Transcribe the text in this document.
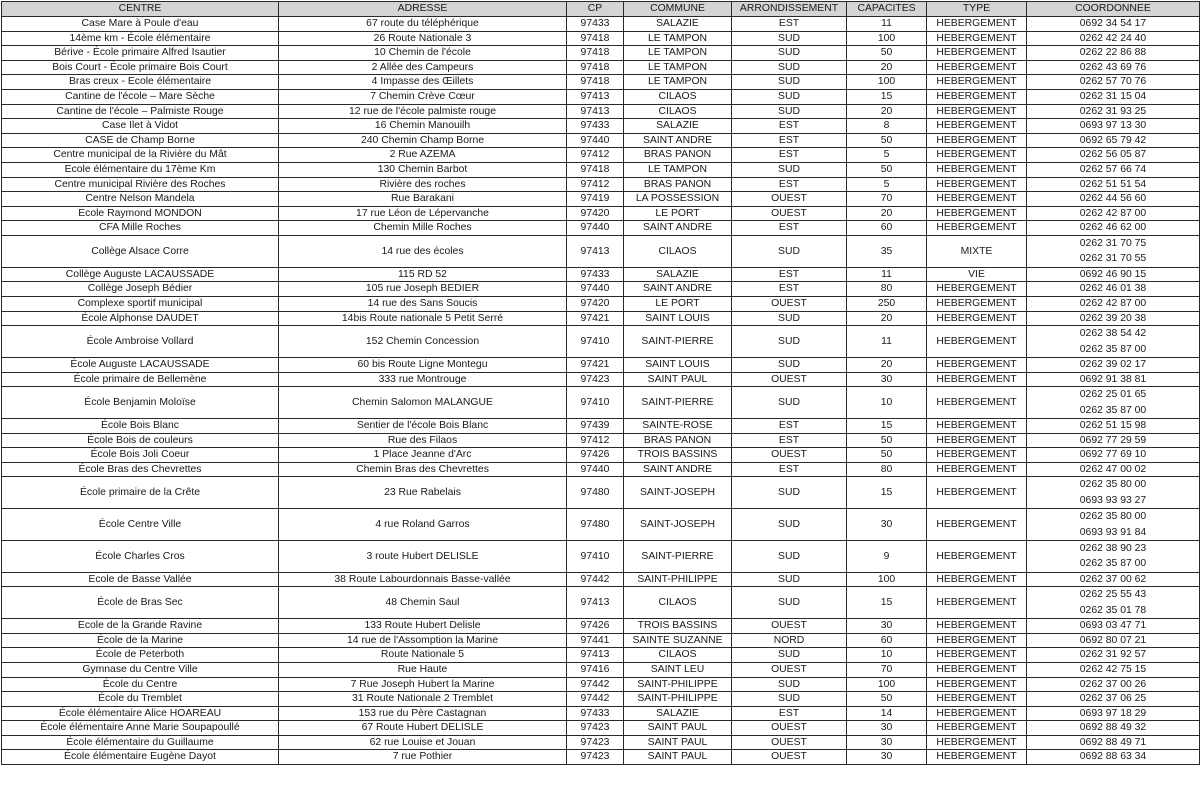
CENTRE	ADRESSE	CP	COMMUNE	ARRONDISSEMENT	CAPACITES	TYPE	COORDONNEE
Case Mare à Poule d'eau	67 route du téléphérique	97433	SALAZIE	EST	11	HEBERGEMENT	0692 34 54 17
14ème km - École élémentaire	26 Route Nationale 3	97418	LE TAMPON	SUD	100	HEBERGEMENT	0262 42 24 40
Bérive - École primaire Alfred Isautier	10 Chemin de l'école	97418	LE TAMPON	SUD	50	HEBERGEMENT	0262 22 86 88
Bois Court - École primaire Bois Court	2 Allée des Campeurs	97418	LE TAMPON	SUD	20	HEBERGEMENT	0262 43 69 76
Bras creux - Ecole élémentaire	4 Impasse des Œillets	97418	LE TAMPON	SUD	100	HEBERGEMENT	0262 57 70 76
Cantine de l'école – Mare Sèche	7 Chemin Crève Cœur	97413	CILAOS	SUD	15	HEBERGEMENT	0262 31 15 04
Cantine de l'école – Palmiste Rouge	12 rue de l'école palmiste rouge	97413	CILAOS	SUD	20	HEBERGEMENT	0262 31 93 25
Case Ilet à Vidot	16 Chemin Manouilh	97433	SALAZIE	EST	8	HEBERGEMENT	0693 97 13 30
CASE de Champ Borne	240 Chemin Champ Borne	97440	SAINT ANDRE	EST	50	HEBERGEMENT	0692 65 79 42
Centre municipal de la Rivière du Mât	2 Rue AZEMA	97412	BRAS PANON	EST	5	HEBERGEMENT	0262 56 05 87
Ecole élémentaire du 17ème Km	130 Chemin Barbot	97418	LE TAMPON	SUD	50	HEBERGEMENT	0262 57 66 74
Centre municipal Rivière des Roches	Rivière des roches	97412	BRAS PANON	EST	5	HEBERGEMENT	0262 51 51 54
Centre Nelson Mandela	Rue Barakani	97419	LA POSSESSION	OUEST	70	HEBERGEMENT	0262 44 56 60
Ecole Raymond MONDON	17 rue Léon de Lépervanche	97420	LE PORT	OUEST	20	HEBERGEMENT	0262 42 87 00
CFA Mille Roches	Chemin Mille Roches	97440	SAINT ANDRE	EST	60	HEBERGEMENT	0262 46 62 00
Collège Alsace Corre	14 rue des écoles	97413	CILAOS	SUD	35	MIXTE	0262 31 70 75
0262 31 70 55

Collège Auguste LACAUSSADE	115 RD 52	97433	SALAZIE	EST	11	VIE	0692 46 90 15
Collège Joseph Bédier	105 rue Joseph BEDIER	97440	SAINT ANDRE	EST	80	HEBERGEMENT	0262 46 01 38
Complexe sportif municipal	14 rue des Sans Soucis	97420	LE PORT	OUEST	250	HEBERGEMENT	0262 42 87 00
École Alphonse DAUDET	14bis Route nationale 5 Petit Serré	97421	SAINT LOUIS	SUD	20	HEBERGEMENT	0262 39 20 38
École Ambroise Vollard	152 Chemin Concession	97410	SAINT-PIERRE	SUD	11	HEBERGEMENT	0262 38 54 42
0262 35 87 00

École Auguste LACAUSSADE	60 bis Route Ligne Montegu	97421	SAINT LOUIS	SUD	20	HEBERGEMENT	0262 39 02 17
École primaire de Bellemène	333 rue Montrouge	97423	SAINT PAUL	OUEST	30	HEBERGEMENT	0692 91 38 81
École Benjamin Moloïse	Chemin Salomon MALANGUE	97410	SAINT-PIERRE	SUD	10	HEBERGEMENT	0262 25 01 65
0262 35 87 00

École Bois Blanc	Sentier de l'école Bois Blanc	97439	SAINTE-ROSE	EST	15	HEBERGEMENT	0262 51 15 98
École Bois de couleurs	Rue des Filaos	97412	BRAS PANON	EST	50	HEBERGEMENT	0692 77 29 59
École Bois Joli Coeur	1 Place Jeanne d'Arc	97426	TROIS BASSINS	OUEST	50	HEBERGEMENT	0692 77 69 10
École Bras des Chevrettes	Chemin Bras des Chevrettes	97440	SAINT ANDRE	EST	80	HEBERGEMENT	0262 47 00 02
École primaire de la Crête	23 Rue Rabelais	97480	SAINT-JOSEPH	SUD	15	HEBERGEMENT	0262 35 80 00
0693 93 93 27

École Centre Ville	4 rue Roland Garros	97480	SAINT-JOSEPH	SUD	30	HEBERGEMENT	0262 35 80 00
0693 93 91 84

École Charles Cros	3 route Hubert DELISLE	97410	SAINT-PIERRE	SUD	9	HEBERGEMENT	0262 38 90 23
0262 35 87 00

Ecole de Basse Vallée	38 Route Labourdonnais Basse-vallée	97442	SAINT-PHILIPPE	SUD	100	HEBERGEMENT	0262 37 00 62
École de Bras Sec	48 Chemin Saul	97413	CILAOS	SUD	15	HEBERGEMENT	0262 25 55 43
0262 35 01 78

Ecole de la Grande Ravine	133 Route Hubert Delisle	97426	TROIS BASSINS	OUEST	30	HEBERGEMENT	0693 03 47 71
École de la Marine	14 rue de l'Assomption la Marine	97441	SAINTE SUZANNE	NORD	60	HEBERGEMENT	0692 80 07 21
École de Peterboth	Route Nationale 5	97413	CILAOS	SUD	10	HEBERGEMENT	0262 31 92 57
Gymnase du Centre Ville	Rue Haute	97416	SAINT LEU	OUEST	70	HEBERGEMENT	0262 42 75 15
École du Centre	7 Rue Joseph Hubert la Marine	97442	SAINT-PHILIPPE	SUD	100	HEBERGEMENT	0262 37 00 26
École du Tremblet	31 Route Nationale 2 Tremblet	97442	SAINT-PHILIPPE	SUD	50	HEBERGEMENT	0262 37 06 25
École élémentaire Alice HOAREAU	153 rue du Père Castagnan	97433	SALAZIE	EST	14	HEBERGEMENT	0693 97 18 29
École élémentaire Anne Marie Soupapoullé	67 Route Hubert DELISLE	97423	SAINT PAUL	OUEST	30	HEBERGEMENT	0692 88 49 32
École élémentaire du Guillaume	62 rue Louise et Jouan	97423	SAINT PAUL	OUEST	30	HEBERGEMENT	0692 88 49 71
École élémentaire Eugène Dayot	7 rue Pothier	97423	SAINT PAUL	OUEST	30	HEBERGEMENT	0692 88 63 34
